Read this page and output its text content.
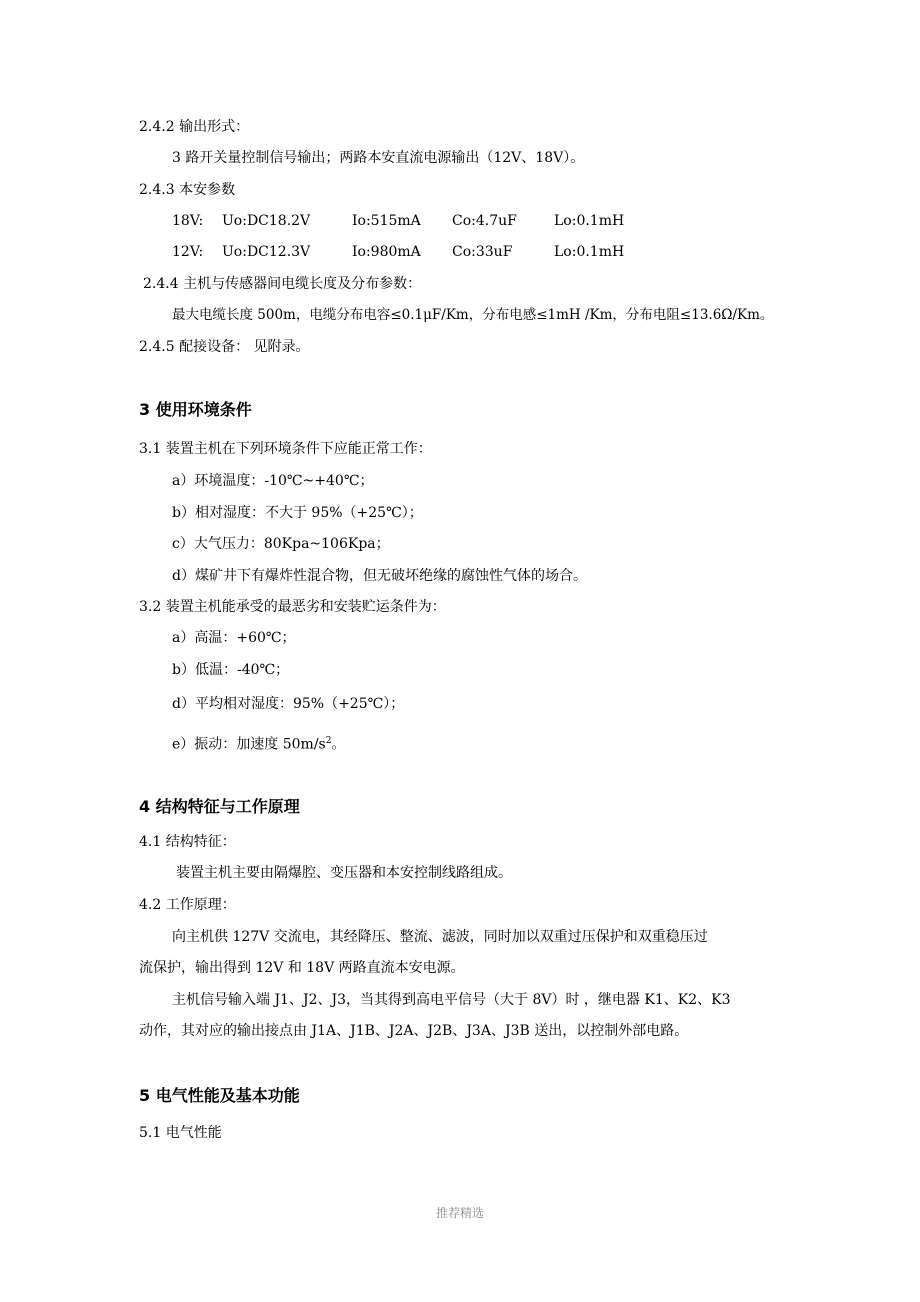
2.4.2 输出形式：

3 路开关量控制信号输出；两路本安直流电源输出（12V、18V）。

2.4.3 本安参数

18V: Uo:DC18.2V	Io:515mA Co:4.7uF	Lo:0.1mH
12V: Uo:DC12.3V	Io:980mA Co:33uF	Lo:0.1mH

2.4.4 主机与传感器间电缆长度及分布参数：

最大电缆长度 500m，电缆分布电容≤0.1μF/Km，分布电感≤1mH /Km，分布电阻≤13.6Ω/Km。

2.4.5 配接设备： 见附录。

3 使用环境条件

3.1 装置主机在下列环境条件下应能正常工作：

a）环境温度：-10℃~+40℃；

b）相对湿度：不大于 95%（+25℃）；

c）大气压力：80Kpa~106Kpa；

d）煤矿井下有爆炸性混合物，但无破坏绝缘的腐蚀性气体的场合。

3.2 装置主机能承受的最恶劣和安装贮运条件为：

a）高温：+60℃；

b）低温：-40℃；

d）平均相对湿度：95%（+25℃）；

e）振动：加速度 $50m/s^2$。

4 结构特征与工作原理

4.1 结构特征：

装置主机主要由隔爆腔、变压器和本安控制线路组成。

4.2 工作原理：

向主机供 127V 交流电，其经降压、整流、滤波，同时加以双重过压保护和双重稳压过

流保护，输出得到 12V 和 18V 两路直流本安电源。

主机信号输入端 J1、J2、J3，当其得到高电平信号（大于 8V）时 ，继电器 K1、K2、K3

动作，其对应的输出接点由 J1A、J1B、J2A、J2B、J3A、J3B 送出，以控制外部电路。

5 电气性能及基本功能

5.1 电气性能

推荐精选
